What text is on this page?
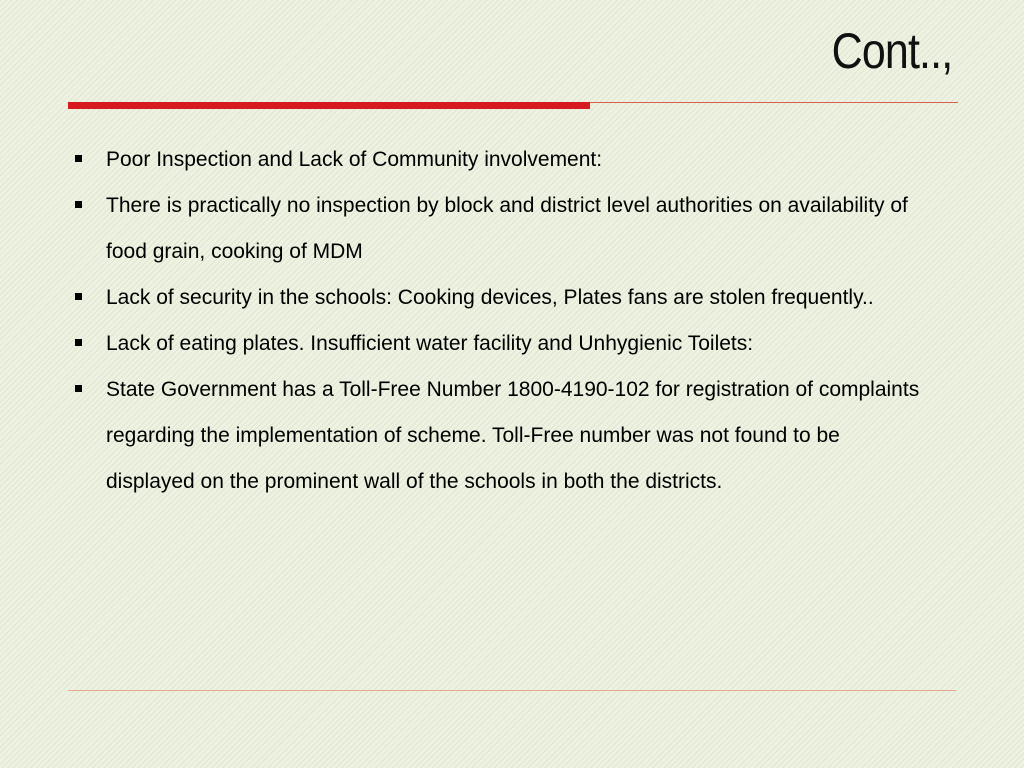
Cont..,
Poor Inspection and Lack of Community involvement:
There is practically no inspection by block and district level authorities on availability of food grain, cooking of MDM
Lack of security in the schools: Cooking devices, Plates fans are stolen frequently..
Lack of eating plates. Insufficient water facility and Unhygienic Toilets:
State Government has a Toll-Free Number 1800-4190-102 for registration of complaints regarding the implementation of scheme. Toll-Free number was not found to be displayed on the prominent wall of the schools in both the districts.
